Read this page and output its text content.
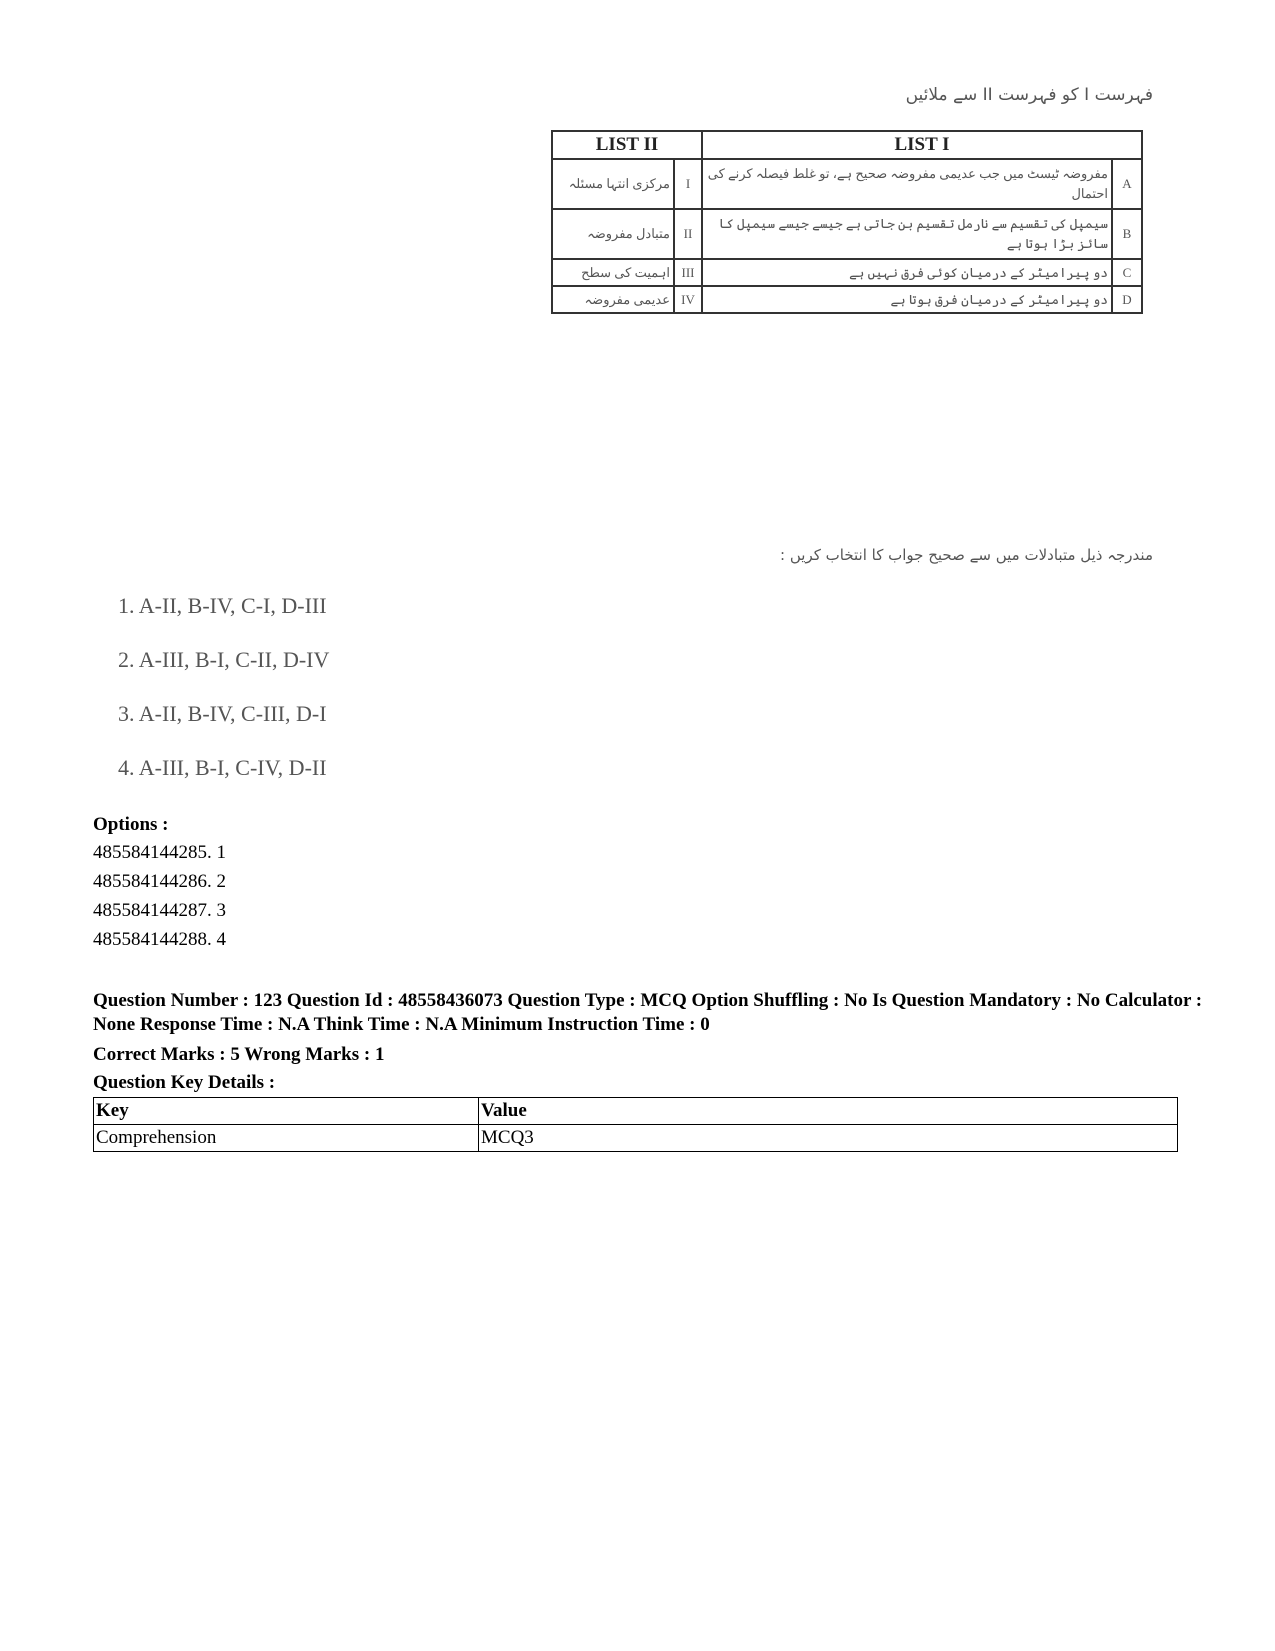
فہرست I کو فہرست II سے ملائیں
LIST II		LIST I	
مرکزی انتہا مسئلہ	I	مفروضہ ٹیسٹ میں جب عدیمی مفروضہ صحیح ہے، تو غلط فیصلہ کرنے کی احتمال	A
متبادل مفروضہ	II	سیمپل کی تقسیم سے نارمل تقسیم بن جاتی ہے جیسے جیسے سیمپل کا سائز بڑا ہوتا ہے	B
اہمیت کی سطح	III	دو پیرامیٹر کے درمیان کوئی فرق نہیں ہے	C
عدیمی مفروضہ	IV	دو پیرامیٹر کے درمیان فرق ہوتا ہے	D
مندرجہ ذیل متبادلات میں سے صحیح جواب کا انتخاب کریں :
1. A-II, B-IV, C-I, D-III
2. A-III, B-I, C-II, D-IV
3. A-II, B-IV, C-III, D-I
4. A-III, B-I, C-IV, D-II
Options :
485584144285. 1
485584144286. 2
485584144287. 3
485584144288. 4

Question Number : 123 Question Id : 48558436073 Question Type : MCQ Option Shuffling : No Is Question Mandatory : No Calculator : None Response Time : N.A Think Time : N.A Minimum Instruction Time : 0

Correct Marks : 5 Wrong Marks : 1
Question Key Details :
Key	Value
Comprehension	MCQ3
